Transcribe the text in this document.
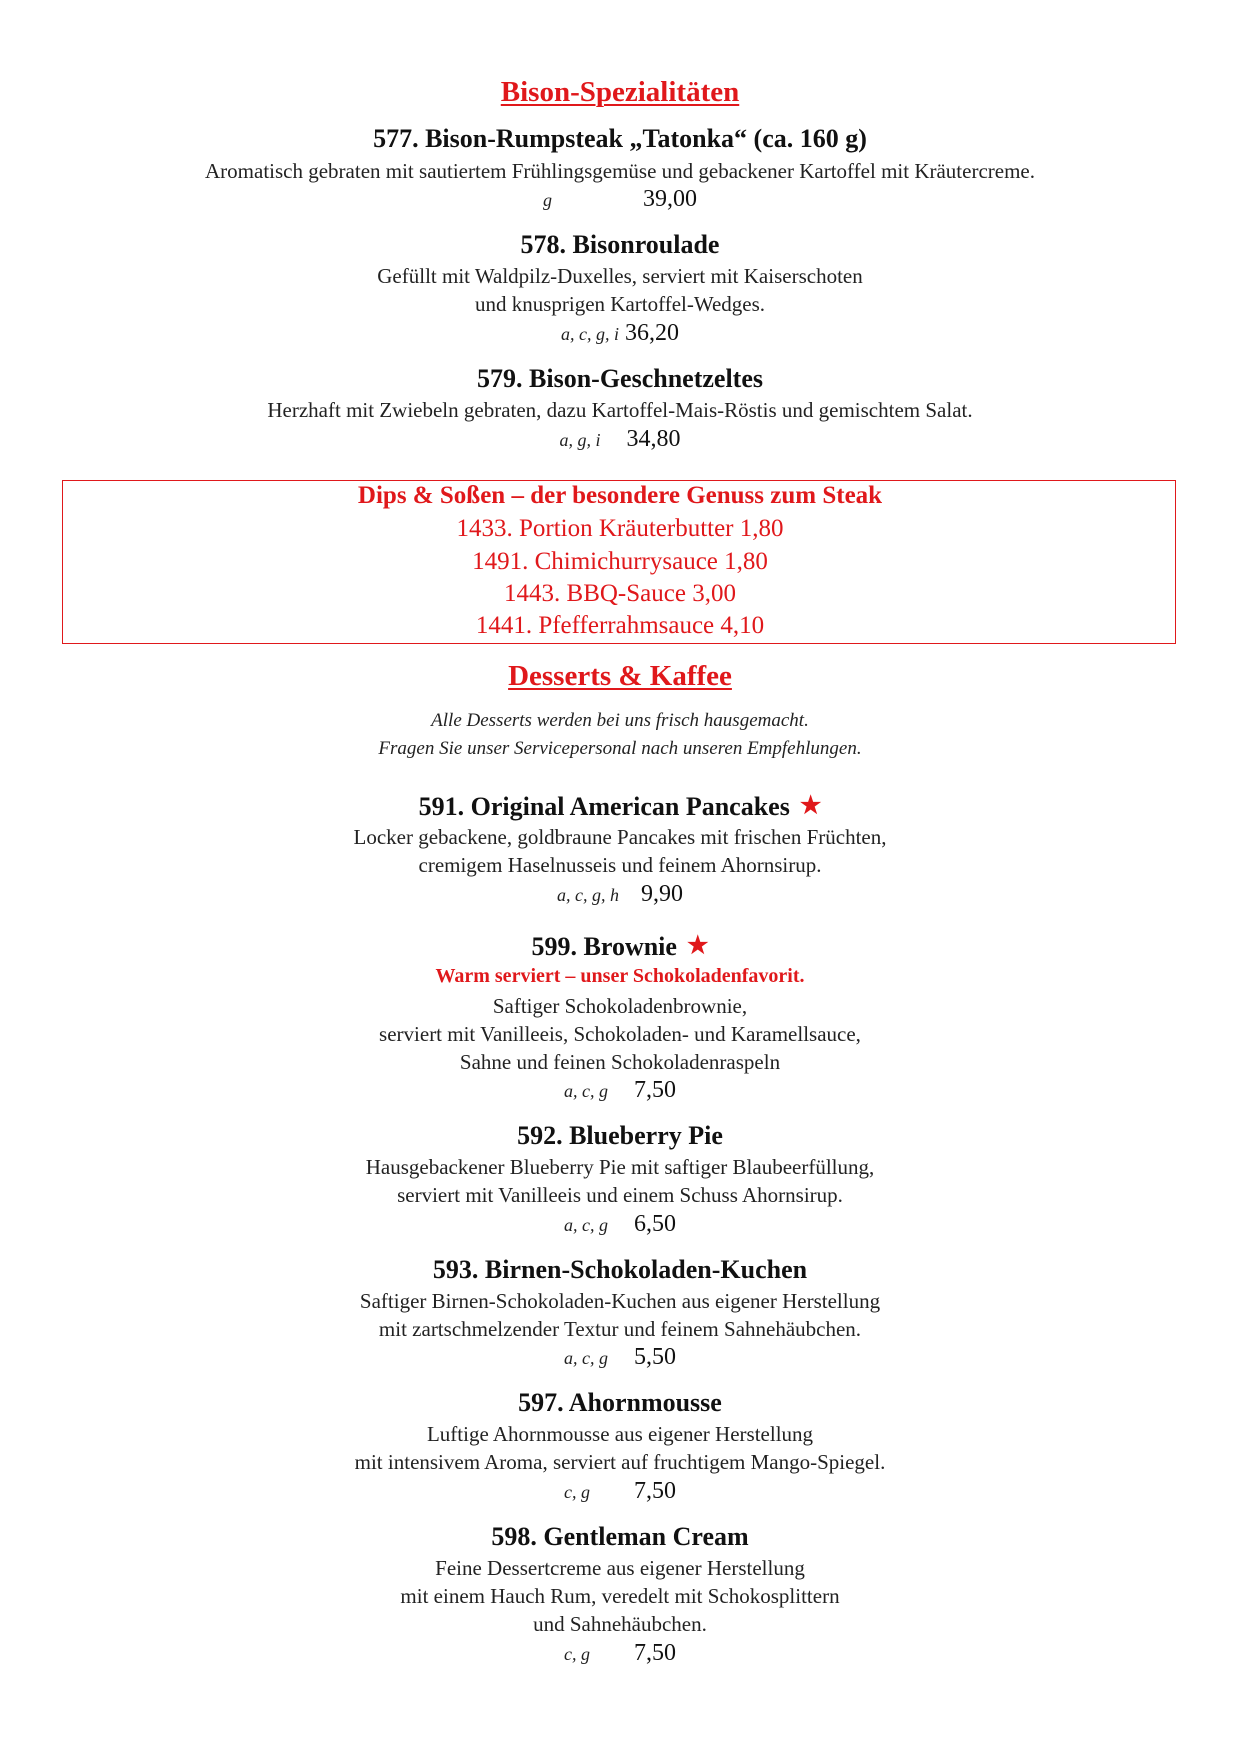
Bison-Spezialitäten
577. Bison-Rumpsteak „Tatonka“ (ca. 160 g)
Aromatisch gebraten mit sautiertem Frühlingsgemüse und gebackener Kartoffel mit Kräutercreme.
g	39,00
578. Bisonroulade
Gefüllt mit Waldpilz-Duxelles, serviert mit Kaiserschoten
und knusprigen Kartoffel-Wedges.
a, c, g, i 36,20
579. Bison-Geschnetzeltes
Herzhaft mit Zwiebeln gebraten, dazu Kartoffel-Mais-Röstis und gemischtem Salat.
a, g, i 34,80
Dips & Soßen – der besondere Genuss zum Steak
1433. Portion Kräuterbutter 1,80
1491. Chimichurrysauce 1,80
1443. BBQ-Sauce 3,00
1441. Pfefferrahmsauce 4,10
Desserts & Kaffee
Alle Desserts werden bei uns frisch hausgemacht.
Fragen Sie unser Servicepersonal nach unseren Empfehlungen.
591. Original American Pancakes ★
Locker gebackene, goldbraune Pancakes mit frischen Früchten,
cremigem Haselnusseis und feinem Ahornsirup.
a, c, g, h 9,90
599. Brownie ★
Warm serviert – unser Schokoladenfavorit.
Saftiger Schokoladenbrownie,
serviert mit Vanilleeis, Schokoladen- und Karamellsauce,
Sahne und feinen Schokoladenraspeln
a, c, g 7,50
592. Blueberry Pie
Hausgebackener Blueberry Pie mit saftiger Blaubeerfüllung,
serviert mit Vanilleeis und einem Schuss Ahornsirup.
a, c, g 6,50
593. Birnen-Schokoladen-Kuchen
Saftiger Birnen-Schokoladen-Kuchen aus eigener Herstellung
mit zartschmelzender Textur und feinem Sahnehäubchen.
a, c, g 5,50
597. Ahornmousse
Luftige Ahornmousse aus eigener Herstellung
mit intensivem Aroma, serviert auf fruchtigem Mango-Spiegel.
c, g 7,50
598. Gentleman Cream
Feine Dessertcreme aus eigener Herstellung
mit einem Hauch Rum, veredelt mit Schokosplittern
und Sahnehäubchen.
c, g 7,50
